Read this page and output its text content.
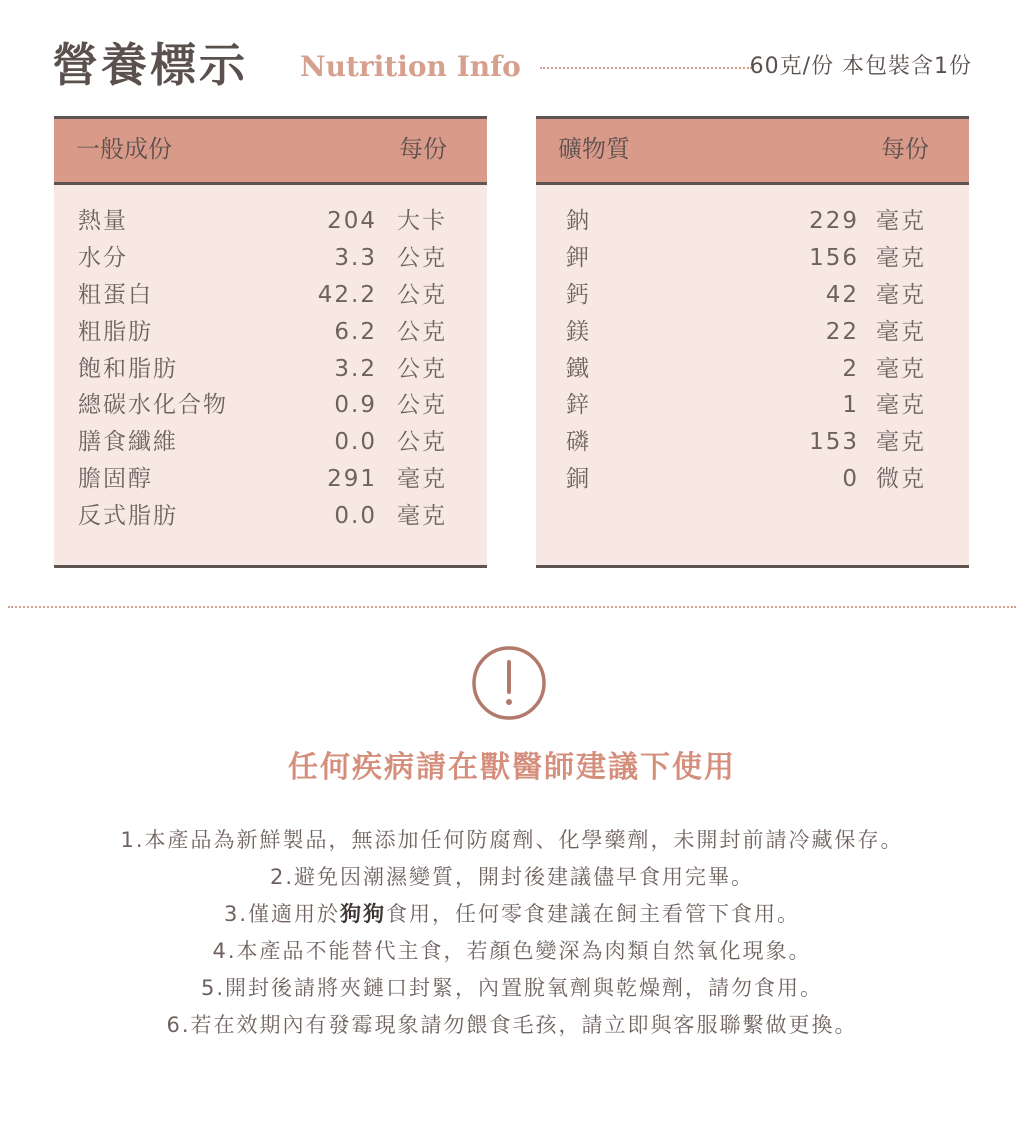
營養標示 Nutrition Info	60克/份 本包裝含1份
一般成份	每份
熱量	204 大卡
水分	3.3 公克
粗蛋白	42.2 公克
粗脂肪	6.2 公克
飽和脂肪	3.2 公克
總碳水化合物	0.9 公克
膳食纖維	0.0 公克
膽固醇	291 毫克
反式脂肪	0.0 毫克
礦物質	每份
鈉	229 毫克
鉀	156 毫克
鈣	42 毫克
鎂	22 毫克
鐵	2 毫克
鋅	1 毫克
磷	153 毫克
銅	0 微克
任何疾病請在獸醫師建議下使用
1.本產品為新鮮製品，無添加任何防腐劑、化學藥劑，未開封前請冷藏保存。
2.避免因潮濕變質，開封後建議儘早食用完畢。
3.僅適用於狗狗食用，任何零食建議在飼主看管下食用。
4.本產品不能替代主食，若顏色變深為肉類自然氧化現象。
5.開封後請將夾鏈口封緊，內置脫氧劑與乾燥劑，請勿食用。
6.若在效期內有發霉現象請勿餵食毛孩，請立即與客服聯繫做更換。
